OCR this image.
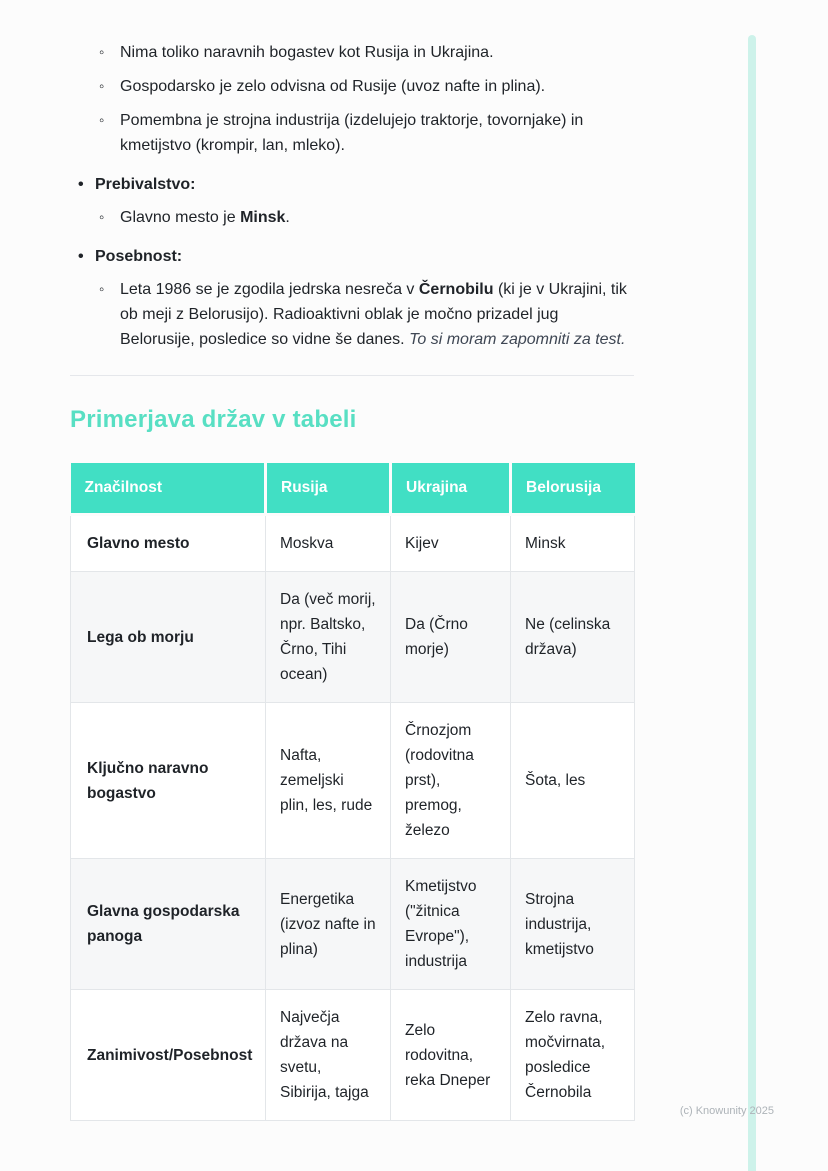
◦ Nima toliko naravnih bogastev kot Rusija in Ukrajina.
◦ Gospodarsko je zelo odvisna od Rusije (uvoz nafte in plina).
◦ Pomembna je strojna industrija (izdelujejo traktorje, tovornjake) in kmetijstvo (krompir, lan, mleko).
• Prebivalstvo:
◦ Glavno mesto je Minsk.
• Posebnost:
◦ Leta 1986 se je zgodila jedrska nesreča v Černobilu (ki je v Ukrajini, tik ob meji z Belorusijo). Radioaktivni oblak je močno prizadel jug Belorusije, posledice so vidne še danes. To si moram zapomniti za test.
Primerjava držav v tabeli
Značilnost	Rusija	Ukrajina	Belorusija
Glavno mesto	Moskva	Kijev	Minsk
Lega ob morju	Da (več morij, npr. Baltsko, Črno, Tihi ocean)	Da (Črno morje)	Ne (celinska država)
Ključno naravno bogastvo	Nafta, zemeljski plin, les, rude	Črnozjom (rodovitna prst), premog, železo	Šota, les
Glavna gospodarska panoga	Energetika (izvoz nafte in plina)	Kmetijstvo ("žitnica Evrope"), industrija	Strojna industrija, kmetijstvo
Zanimivost/Posebnost	Največja država na svetu, Sibirija, tajga	Zelo rodovitna, reka Dneper	Zelo ravna, močvirnata, posledice Černobila
(c) Knowunity 2025
